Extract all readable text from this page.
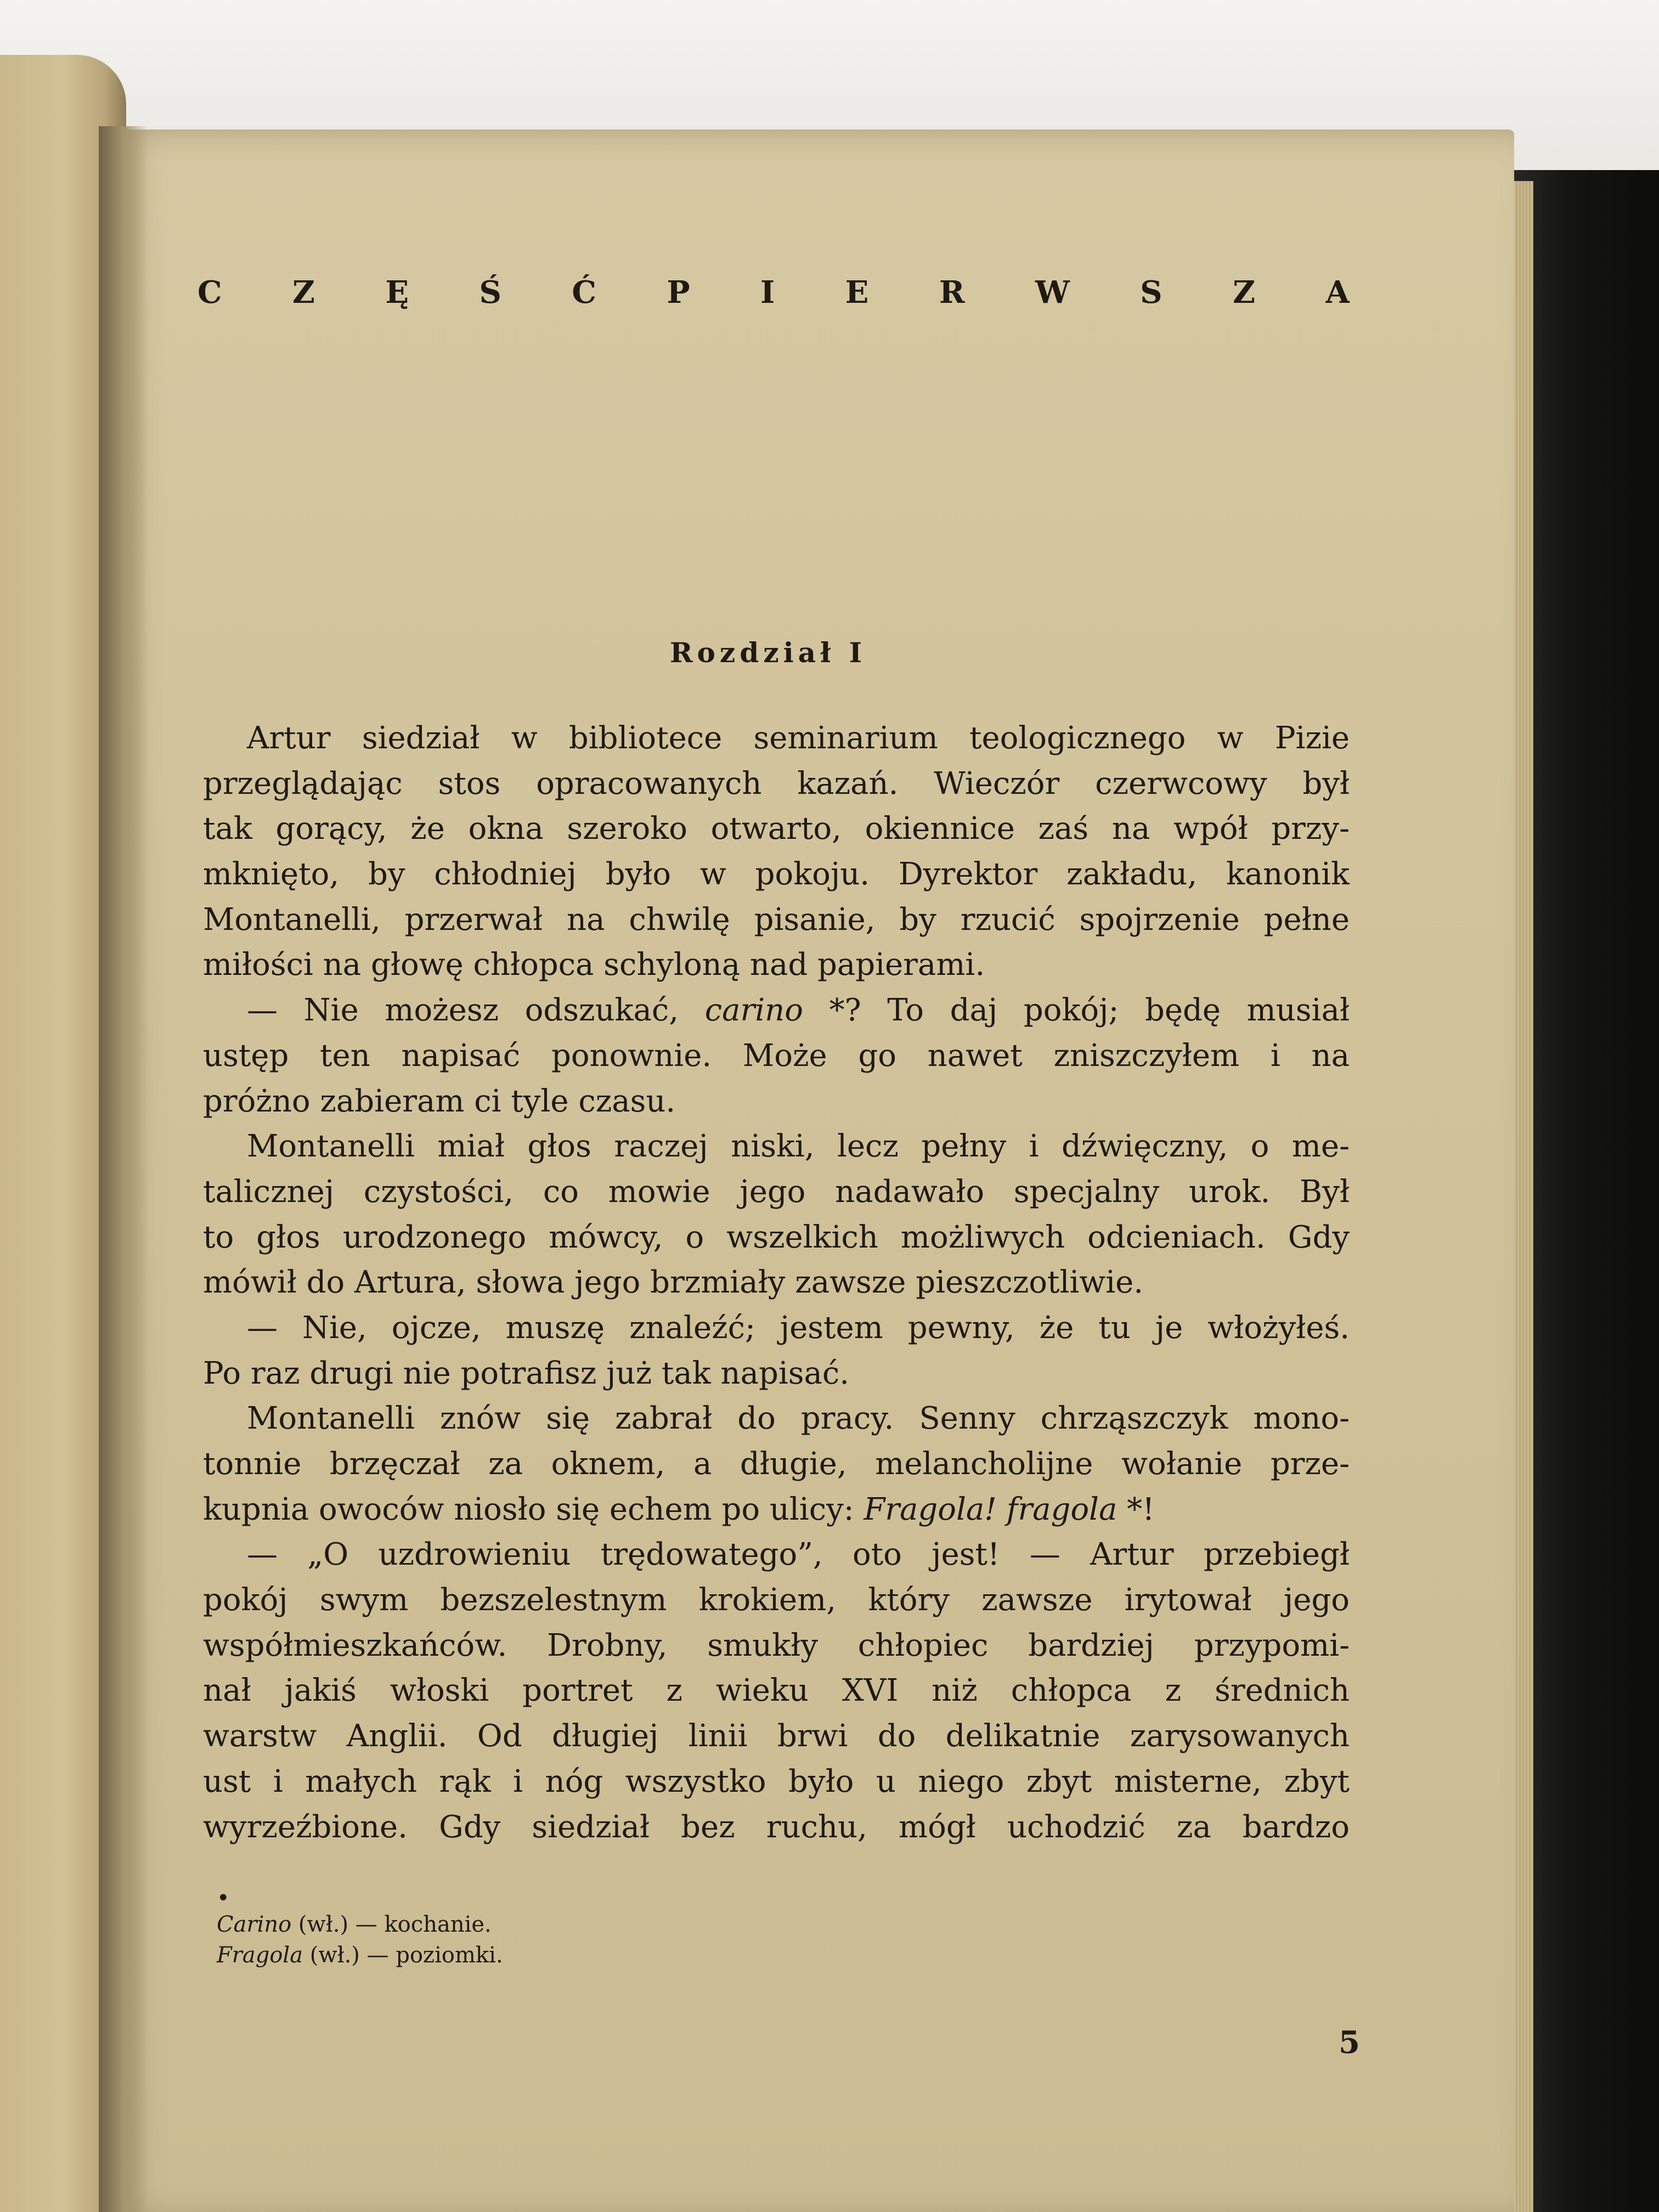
C Z Ę Ś Ć P I E R W S Z A
Rozdział I
Artur siedział w bibliotece seminarium teologicznego w Pizie
przeglądając stos opracowanych kazań. Wieczór czerwcowy był
tak gorący, że okna szeroko otwarto, okiennice zaś na wpół przy-
mknięto, by chłodniej było w pokoju. Dyrektor zakładu, kanonik
Montanelli, przerwał na chwilę pisanie, by rzucić spojrzenie pełne
miłości na głowę chłopca schyloną nad papierami.
— Nie możesz odszukać, carino *? To daj pokój; będę musiał
ustęp ten napisać ponownie. Może go nawet zniszczyłem i na
próżno zabieram ci tyle czasu.
Montanelli miał głos raczej niski, lecz pełny i dźwięczny, o me-
talicznej czystości, co mowie jego nadawało specjalny urok. Był
to głos urodzonego mówcy, o wszelkich możliwych odcieniach. Gdy
mówił do Artura, słowa jego brzmiały zawsze pieszczotliwie.
— Nie, ojcze, muszę znaleźć; jestem pewny, że tu je włożyłeś.
Po raz drugi nie potrafisz już tak napisać.
Montanelli znów się zabrał do pracy. Senny chrząszczyk mono-
tonnie brzęczał za oknem, a długie, melancholijne wołanie prze-
kupnia owoców niosło się echem po ulicy: Fragola! fragola *!
— „O uzdrowieniu trędowatego”, oto jest! — Artur przebiegł
pokój swym bezszelestnym krokiem, który zawsze irytował jego
współmieszkańców. Drobny, smukły chłopiec bardziej przypomi-
nał jakiś włoski portret z wieku XVI niż chłopca z średnich
warstw Anglii. Od długiej linii brwi do delikatnie zarysowanych
ust i małych rąk i nóg wszystko było u niego zbyt misterne, zbyt
wyrzeźbione. Gdy siedział bez ruchu, mógł uchodzić za bardzo
•
Carino (wł.) — kochanie.
Fragola (wł.) — poziomki.
5
